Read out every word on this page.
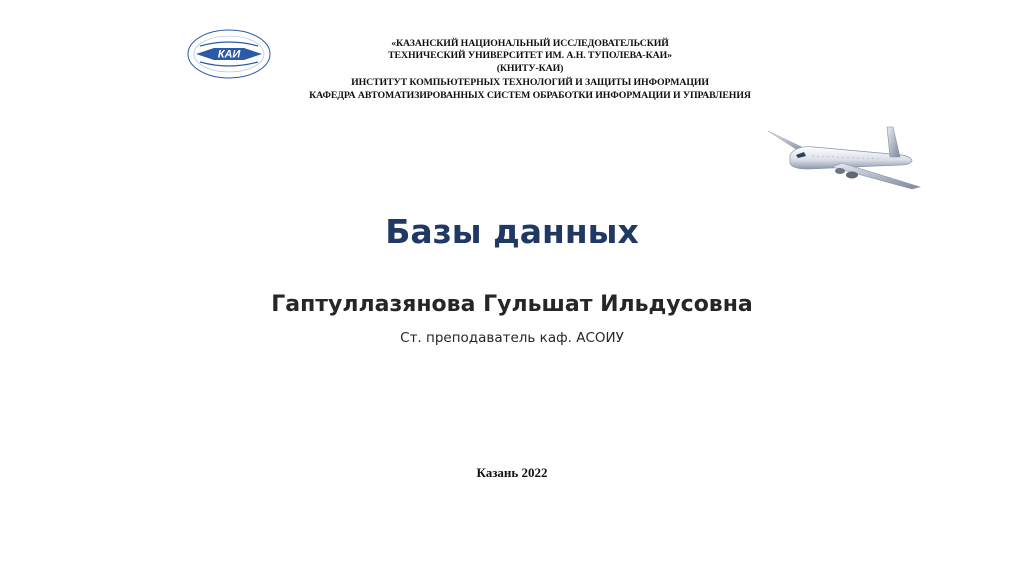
КАИ
«КАЗАНСКИЙ НАЦИОНАЛЬНЫЙ ИССЛЕДОВАТЕЛЬСКИЙ
ТЕХНИЧЕСКИЙ УНИВЕРСИТЕТ ИМ. А.Н. ТУПОЛЕВА-КАИ»
(КНИТУ-КАИ)
ИНСТИТУТ КОМПЬЮТЕРНЫХ ТЕХНОЛОГИЙ И ЗАЩИТЫ ИНФОРМАЦИИ
КАФЕДРА АВТОМАТИЗИРОВАННЫХ СИСТЕМ ОБРАБОТКИ ИНФОРМАЦИИ И УПРАВЛЕНИЯ
Базы данных
Гаптуллазянова Гульшат Ильдусовна
Ст. преподаватель каф. АСОИУ
Казань 2022
